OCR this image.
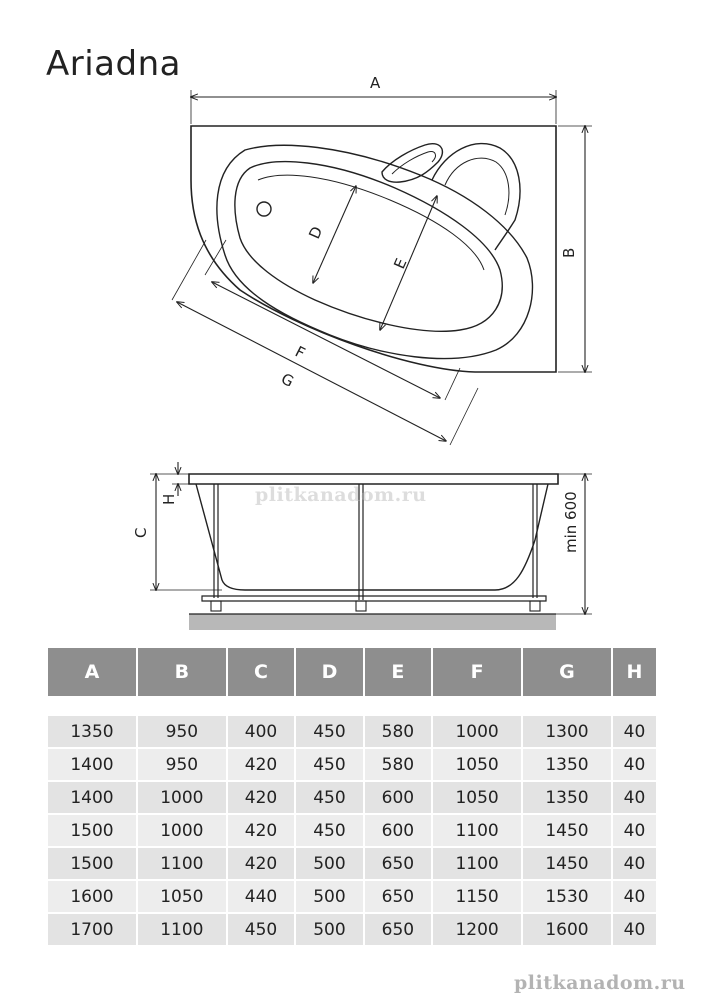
Ariadna	A
B
D
E
F
G
C
H	min 600
plitkanadom.ru
A	B	C	D	E	F	G	H

1350	950	400	450	580	1000	1300	40
1400	950	420	450	580	1050	1350	40
1400	1000	420	450	600	1050	1350	40
1500	1000	420	450	600	1100	1450	40
1500	1100	420	500	650	1100	1450	40
1600	1050	440	500	650	1150	1530	40
1700	1100	450	500	650	1200	1600	40
plitkanadom.ru
